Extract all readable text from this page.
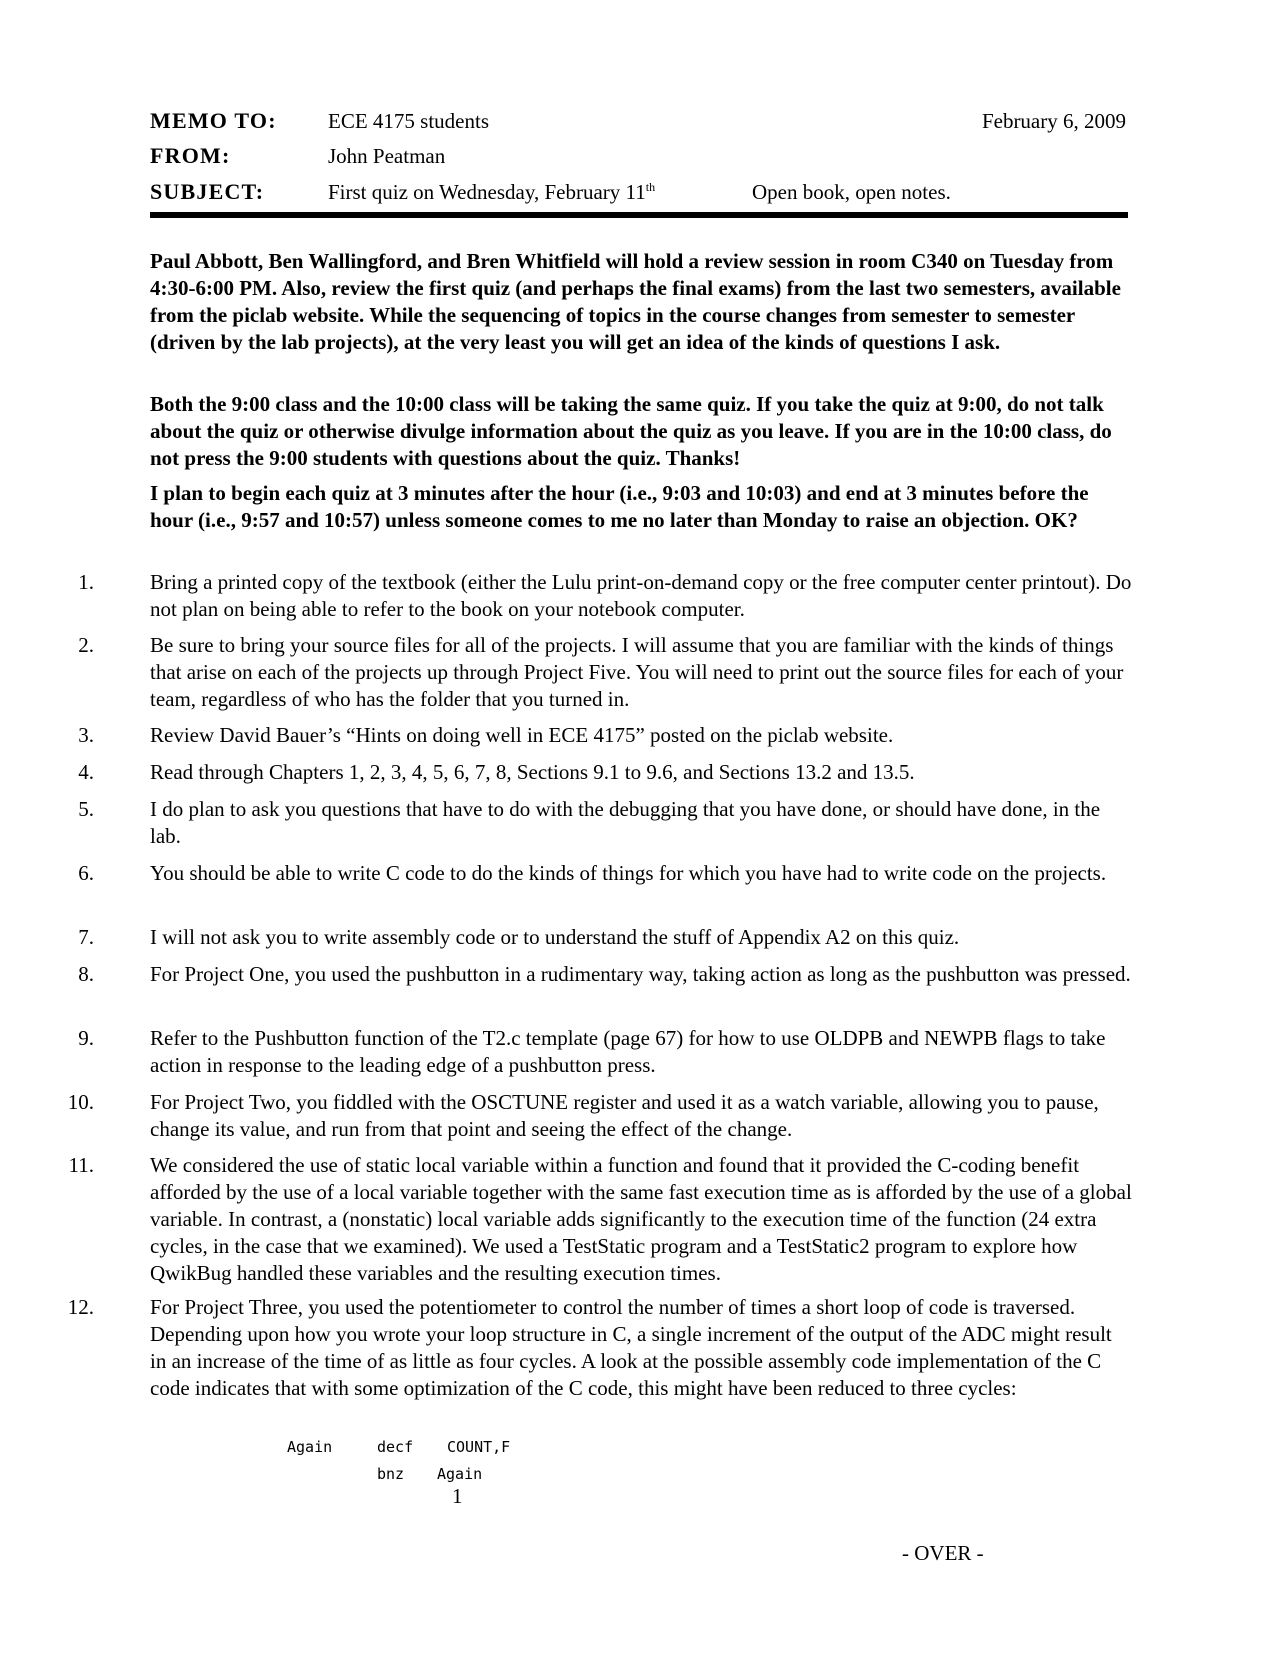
MEMO TO: ECE 4175 students	February 6, 2009
FROM:	John Peatman
SUBJECT:	First quiz on Wednesday, February 11th	Open book, open notes.

Paul Abbott, Ben Wallingford, and Bren Whitfield will hold a review session in room C340 on Tuesday from 4:30-6:00 PM. Also, review the first quiz (and perhaps the final exams) from the last two semesters, available from the piclab website. While the sequencing of topics in the course changes from semester to semester (driven by the lab projects), at the very least you will get an idea of the kinds of questions I ask.

Both the 9:00 class and the 10:00 class will be taking the same quiz. If you take the quiz at 9:00, do not talk about the quiz or otherwise divulge information about the quiz as you leave. If you are in the 10:00 class, do not press the 9:00 students with questions about the quiz. Thanks!

I plan to begin each quiz at 3 minutes after the hour (i.e., 9:03 and 10:03) and end at 3 minutes before the hour (i.e., 9:57 and 10:57) unless someone comes to me no later than Monday to raise an objection. OK?

1.	Bring a printed copy of the textbook (either the Lulu print-on-demand copy or the free computer center printout). Do not plan on being able to refer to the book on your notebook computer.

2.	Be sure to bring your source files for all of the projects. I will assume that you are familiar with the kinds of things that arise on each of the projects up through Project Five. You will need to print out the source files for each of your team, regardless of who has the folder that you turned in.

3.	Review David Bauer’s “Hints on doing well in ECE 4175” posted on the piclab website.

4.	Read through Chapters 1, 2, 3, 4, 5, 6, 7, 8, Sections 9.1 to 9.6, and Sections 13.2 and 13.5.

5.	I do plan to ask you questions that have to do with the debugging that you have done, or should have done, in the lab.

6.	You should be able to write C code to do the kinds of things for which you have had to write code on the projects.

7.	I will not ask you to write assembly code or to understand the stuff of Appendix A2 on this quiz.

8.	For Project One, you used the pushbutton in a rudimentary way, taking action as long as the pushbutton was pressed.

9.	Refer to the Pushbutton function of the T2.c template (page 67) for how to use OLDPB and NEWPB flags to take action in response to the leading edge of a pushbutton press.

10.	For Project Two, you fiddled with the OSCTUNE register and used it as a watch variable, allowing you to pause, change its value, and run from that point and seeing the effect of the change.

11.	We considered the use of static local variable within a function and found that it provided the C-coding benefit afforded by the use of a local variable together with the same fast execution time as is afforded by the use of a global variable. In contrast, a (nonstatic) local variable adds significantly to the execution time of the function (24 extra cycles, in the case that we examined). We used a TestStatic program and a TestStatic2 program to explore how QwikBug handled these variables and the resulting execution times.

12.	For Project Three, you used the potentiometer to control the number of times a short loop of code is traversed. Depending upon how you wrote your loop structure in C, a single increment of the output of the ADC might result in an increase of the time of as little as four cycles. A look at the possible assembly code implementation of the C code indicates that with some optimization of the C code, this might have been reduced to three cycles:

Again	decf COUNT,F
bnz Again
1
- OVER -
